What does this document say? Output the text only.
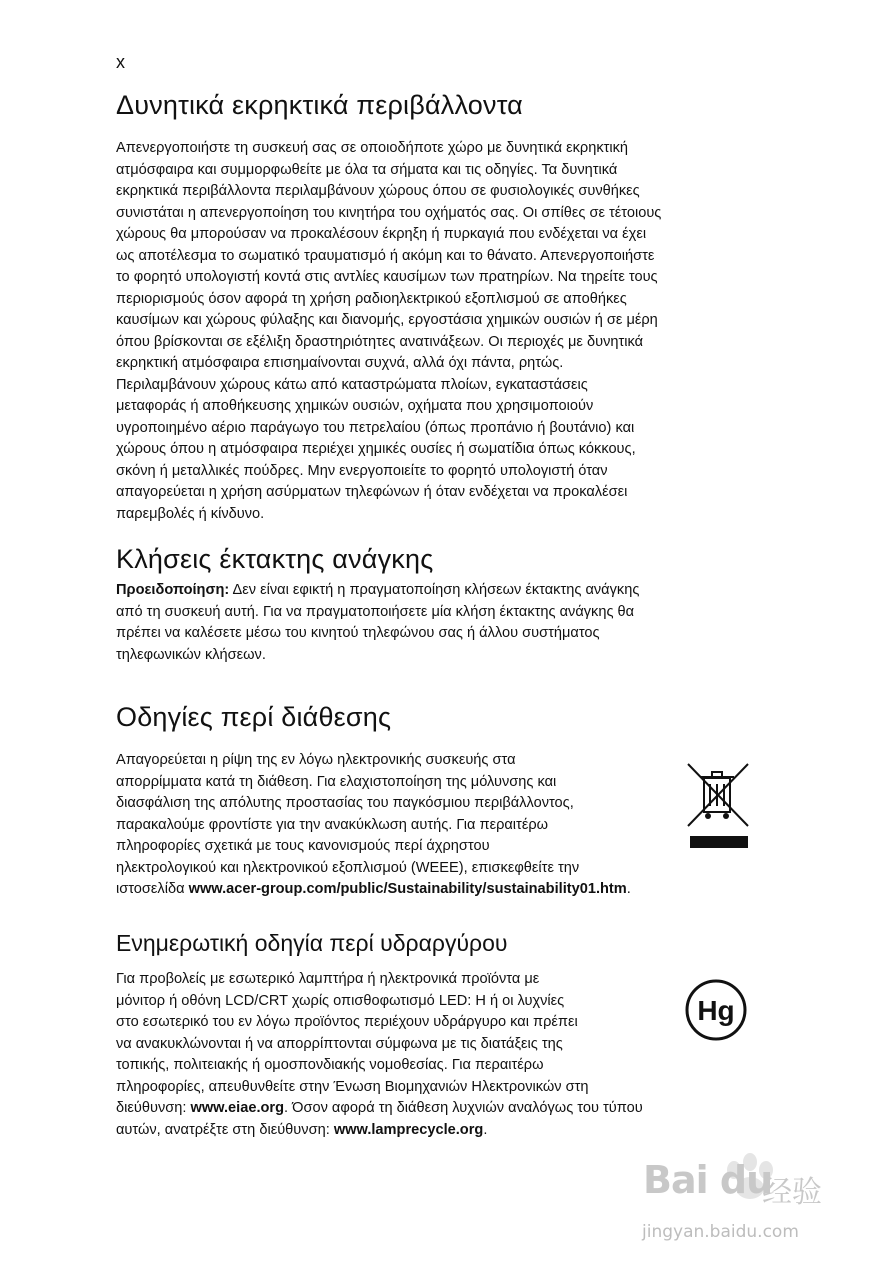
x
Δυνητικά εκρηκτικά περιβάλλοντα
Απενεργοποιήστε τη συσκευή σας σε οποιοδήποτε χώρο με δυνητικά εκρηκτική
ατμόσφαιρα και συμμορφωθείτε με όλα τα σήματα και τις οδηγίες. Τα δυνητικά
εκρηκτικά περιβάλλοντα περιλαμβάνουν χώρους όπου σε φυσιολογικές συνθήκες
συνιστάται η απενεργοποίηση του κινητήρα του οχήματός σας. Οι σπίθες σε τέτοιους
χώρους θα μπορούσαν να προκαλέσουν έκρηξη ή πυρκαγιά που ενδέχεται να έχει
ως αποτέλεσμα το σωματικό τραυματισμό ή ακόμη και το θάνατο. Απενεργοποιήστε
το φορητό υπολογιστή κοντά στις αντλίες καυσίμων των πρατηρίων. Να τηρείτε τους
περιορισμούς όσον αφορά τη χρήση ραδιοηλεκτρικού εξοπλισμού σε αποθήκες
καυσίμων και χώρους φύλαξης και διανομής, εργοστάσια χημικών ουσιών ή σε μέρη
όπου βρίσκονται σε εξέλιξη δραστηριότητες ανατινάξεων. Οι περιοχές με δυνητικά
εκρηκτική ατμόσφαιρα επισημαίνονται συχνά, αλλά όχι πάντα, ρητώς.
Περιλαμβάνουν χώρους κάτω από καταστρώματα πλοίων, εγκαταστάσεις
μεταφοράς ή αποθήκευσης χημικών ουσιών, οχήματα που χρησιμοποιούν
υγροποιημένο αέριο παράγωγο του πετρελαίου (όπως προπάνιο ή βουτάνιο) και
χώρους όπου η ατμόσφαιρα περιέχει χημικές ουσίες ή σωματίδια όπως κόκκους,
σκόνη ή μεταλλικές πούδρες. Μην ενεργοποιείτε το φορητό υπολογιστή όταν
απαγορεύεται η χρήση ασύρματων τηλεφώνων ή όταν ενδέχεται να προκαλέσει
παρεμβολές ή κίνδυνο.
Κλήσεις έκτακτης ανάγκης
Προειδοποίηση: Δεν είναι εφικτή η πραγματοποίηση κλήσεων έκτακτης ανάγκης
από τη συσκευή αυτή. Για να πραγματοποιήσετε μία κλήση έκτακτης ανάγκης θα
πρέπει να καλέσετε μέσω του κινητού τηλεφώνου σας ή άλλου συστήματος
τηλεφωνικών κλήσεων.
Οδηγίες περί διάθεσης
Απαγορεύεται η ρίψη της εν λόγω ηλεκτρονικής συσκευής στα
απορρίμματα κατά τη διάθεση. Για ελαχιστοποίηση της μόλυνσης και
διασφάλιση της απόλυτης προστασίας του παγκόσμιου περιβάλλοντος,
παρακαλούμε φροντίστε για την ανακύκλωση αυτής. Για περαιτέρω
πληροφορίες σχετικά με τους κανονισμούς περί άχρηστου
ηλεκτρολογικού και ηλεκτρονικού εξοπλισμού (WEEE), επισκεφθείτε την
ιστοσελίδα www.acer-group.com/public/Sustainability/sustainability01.htm.
Ενημερωτική οδηγία περί υδραργύρου
Για προβολείς με εσωτερικό λαμπτήρα ή ηλεκτρονικά προϊόντα με
μόνιτορ ή οθόνη LCD/CRT χωρίς οπισθοφωτισμό LED: Η ή οι λυχνίες
στο εσωτερικό του εν λόγω προϊόντος περιέχουν υδράργυρο και πρέπει
να ανακυκλώνονται ή να απορρίπτονται σύμφωνα με τις διατάξεις της
τοπικής, πολιτειακής ή ομοσπονδιακής νομοθεσίας. Για περαιτέρω
πληροφορίες, απευθυνθείτε στην Ένωση Βιομηχανιών Ηλεκτρονικών στη
διεύθυνση: www.eiae.org. Όσον αφορά τη διάθεση λυχνιών αναλόγως του τύπου
αυτών, ανατρέξτε στη διεύθυνση: www.lamprecycle.org.
Hg
Bai du
经验
jingyan.baidu.com
